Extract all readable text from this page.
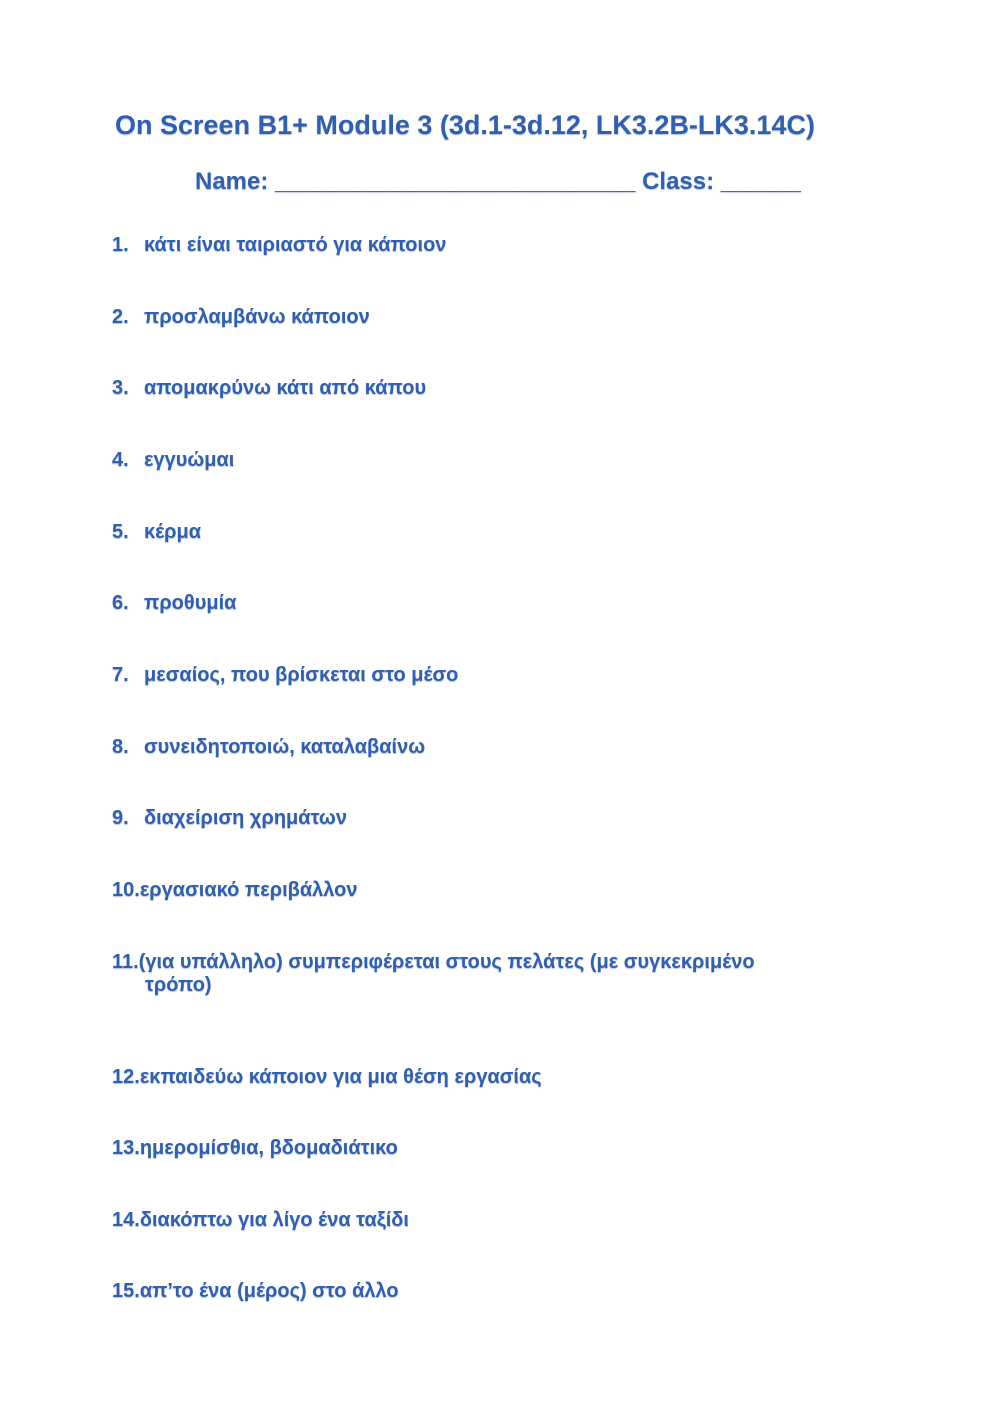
On Screen B1+ Module 3 (3d.1-3d.12, LK3.2B-LK3.14C)
Name: ___________________________ Class: ______
1. κάτι είναι ταιριαστό για κάποιον
2. προσλαμβάνω κάποιον
3. απομακρύνω κάτι από κάπου
4. εγγυώμαι
5. κέρμα
6. προθυμία
7. μεσαίος, που βρίσκεται στο μέσο
8. συνειδητοποιώ, καταλαβαίνω
9. διαχείριση χρημάτων
10.εργασιακό περιβάλλον
11.(για υπάλληλο) συμπεριφέρεται στους πελάτες (με συγκεκριμένο
τρόπο)
12.εκπαιδεύω κάποιον για μια θέση εργασίας
13.ημερομίσθια, βδομαδιάτικο
14.διακόπτω για λίγο ένα ταξίδι
15.απ’το ένα (μέρος) στο άλλο
